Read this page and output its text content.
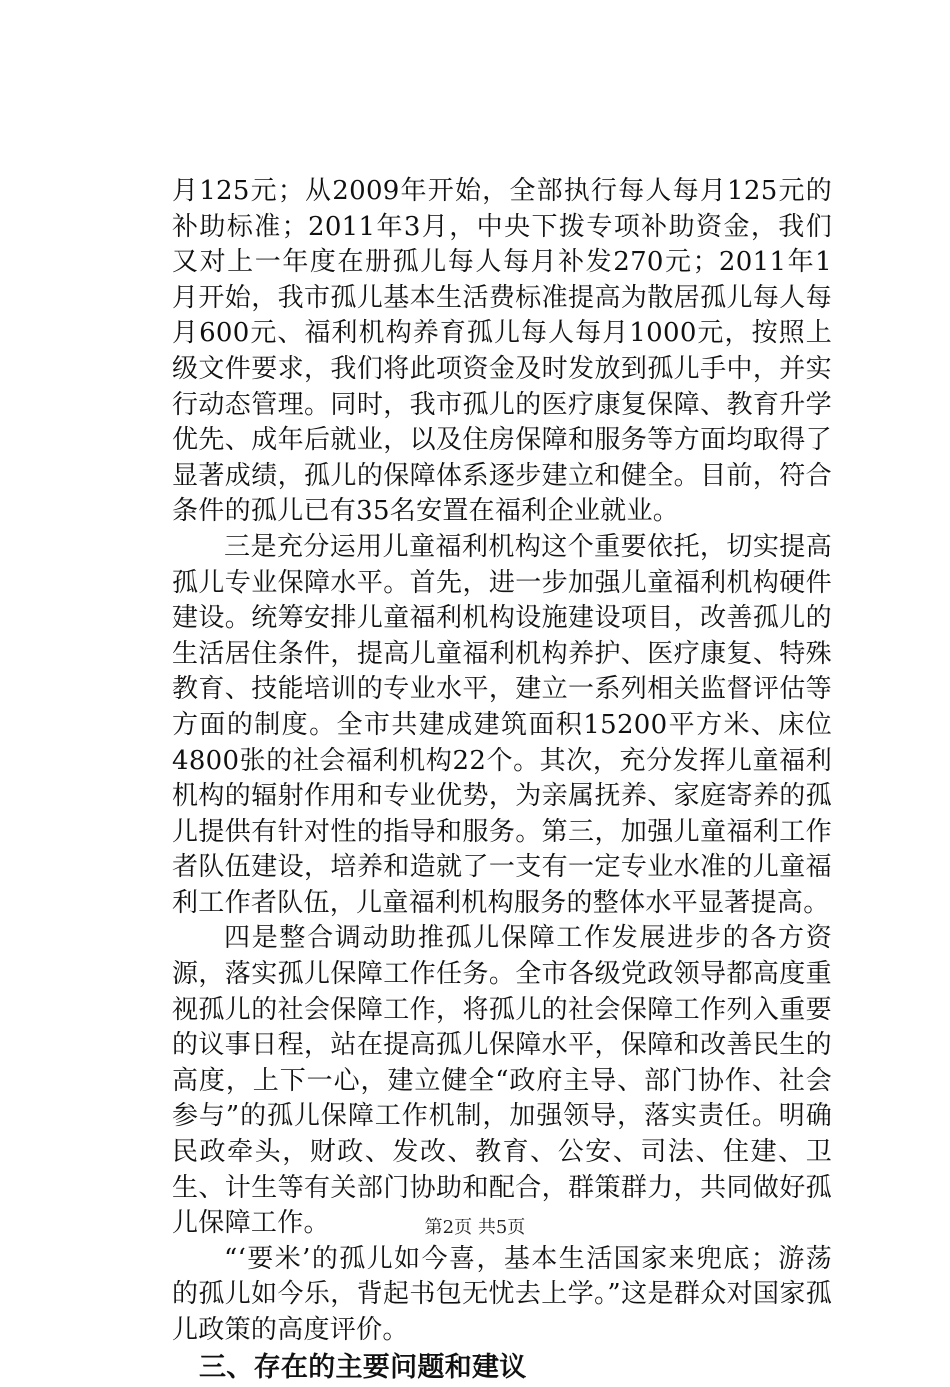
月125元；从2009年开始，全部执行每人每月125元的补助标准；2011年3月，中央下拨专项补助资金，我们又对上一年度在册孤儿每人每月补发270元；2011年1月开始，我市孤儿基本生活费标准提高为散居孤儿每人每月600元、福利机构养育孤儿每人每月1000元，按照上级文件要求，我们将此项资金及时发放到孤儿手中，并实行动态管理。同时，我市孤儿的医疗康复保障、教育升学优先、成年后就业，以及住房保障和服务等方面均取得了显著成绩，孤儿的保障体系逐步建立和健全。目前，符合条件的孤儿已有35名安置在福利企业就业。

三是充分运用儿童福利机构这个重要依托，切实提高孤儿专业保障水平。首先，进一步加强儿童福利机构硬件建设。统筹安排儿童福利机构设施建设项目，改善孤儿的生活居住条件，提高儿童福利机构养护、医疗康复、特殊教育、技能培训的专业水平，建立一系列相关监督评估等方面的制度。全市共建成建筑面积15200平方米、床位4800张的社会福利机构22个。其次，充分发挥儿童福利机构的辐射作用和专业优势，为亲属抚养、家庭寄养的孤儿提供有针对性的指导和服务。第三，加强儿童福利工作者队伍建设，培养和造就了一支有一定专业水准的儿童福利工作者队伍，儿童福利机构服务的整体水平显著提高。

四是整合调动助推孤儿保障工作发展进步的各方资源，落实孤儿保障工作任务。全市各级党政领导都高度重视孤儿的社会保障工作，将孤儿的社会保障工作列入重要的议事日程，站在提高孤儿保障水平，保障和改善民生的高度，上下一心，建立健全“政府主导、部门协作、社会参与”的孤儿保障工作机制，加强领导，落实责任。明确民政牵头，财政、发改、教育、公安、司法、住建、卫生、计生等有关部门协助和配合，群策群力，共同做好孤儿保障工作。

“‘要米’的孤儿如今喜，基本生活国家来兜底；游荡的孤儿如今乐，背起书包无忧去上学。”这是群众对国家孤儿政策的高度评价。

三、存在的主要问题和建议
第2页 共5页
